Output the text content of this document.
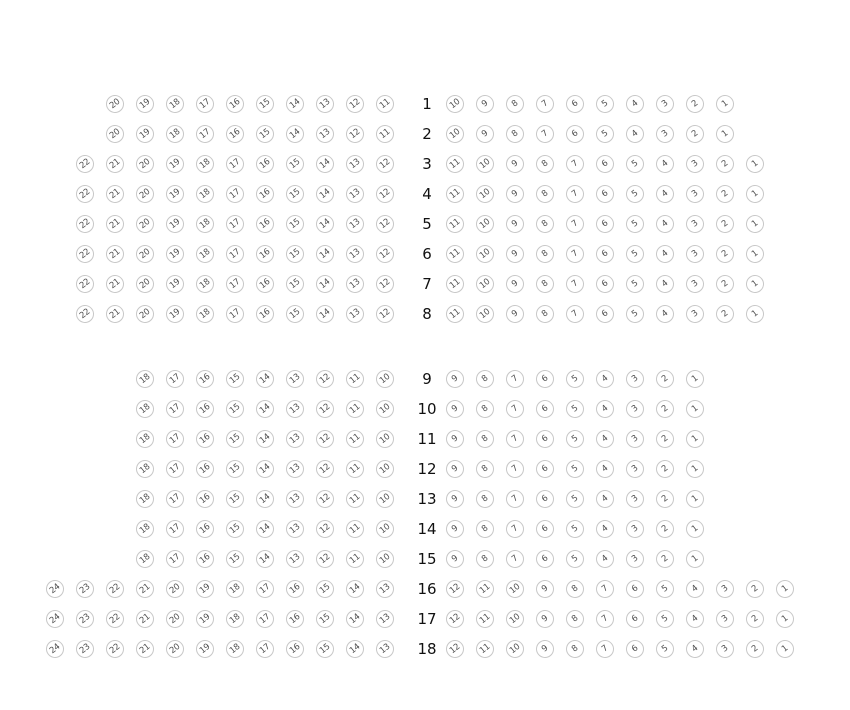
1
20	19	18	17	16	15	14	13	12	11	10	9	8	7	6	5	4	3	2	1
2
20	19	18	17	16	15	14	13	12	11	10	9	8	7	6	5	4	3	2	1
3
22	21	20	19	18	17	16	15	14	13	12	11	10	9	8	7	6	5	4	3	2	1
4
22	21	20	19	18	17	16	15	14	13	12	11	10	9	8	7	6	5	4	3	2	1
5
22	21	20	19	18	17	16	15	14	13	12	11	10	9	8	7	6	5	4	3	2	1
6
22	21	20	19	18	17	16	15	14	13	12	11	10	9	8	7	6	5	4	3	2	1
7
22	21	20	19	18	17	16	15	14	13	12	11	10	9	8	7	6	5	4	3	2	1
8
22	21	20	19	18	17	16	15	14	13	12	11	10	9	8	7	6	5	4	3	2	1
9
18	17	16	15	14	13	12	11	10	9	8	7	6	5	4	3	2	1
10
18	17	16	15	14	13	12	11	10	9	8	7	6	5	4	3	2	1
11
18	17	16	15	14	13	12	11	10	9	8	7	6	5	4	3	2	1
12
18	17	16	15	14	13	12	11	10	9	8	7	6	5	4	3	2	1
13
18	17	16	15	14	13	12	11	10	9	8	7	6	5	4	3	2	1
14
18	17	16	15	14	13	12	11	10	9	8	7	6	5	4	3	2	1
15
18	17	16	15	14	13	12	11	10	9	8	7	6	5	4	3	2	1
16
24	23	22	21	20	19	18	17	16	15	14	13	12	11	10	9	8	7	6	5	4	3	2	1
17
24	23	22	21	20	19	18	17	16	15	14	13	12	11	10	9	8	7	6	5	4	3	2	1
18
24	23	22	21	20	19	18	17	16	15	14	13	12	11	10	9	8	7	6	5	4	3	2	1
